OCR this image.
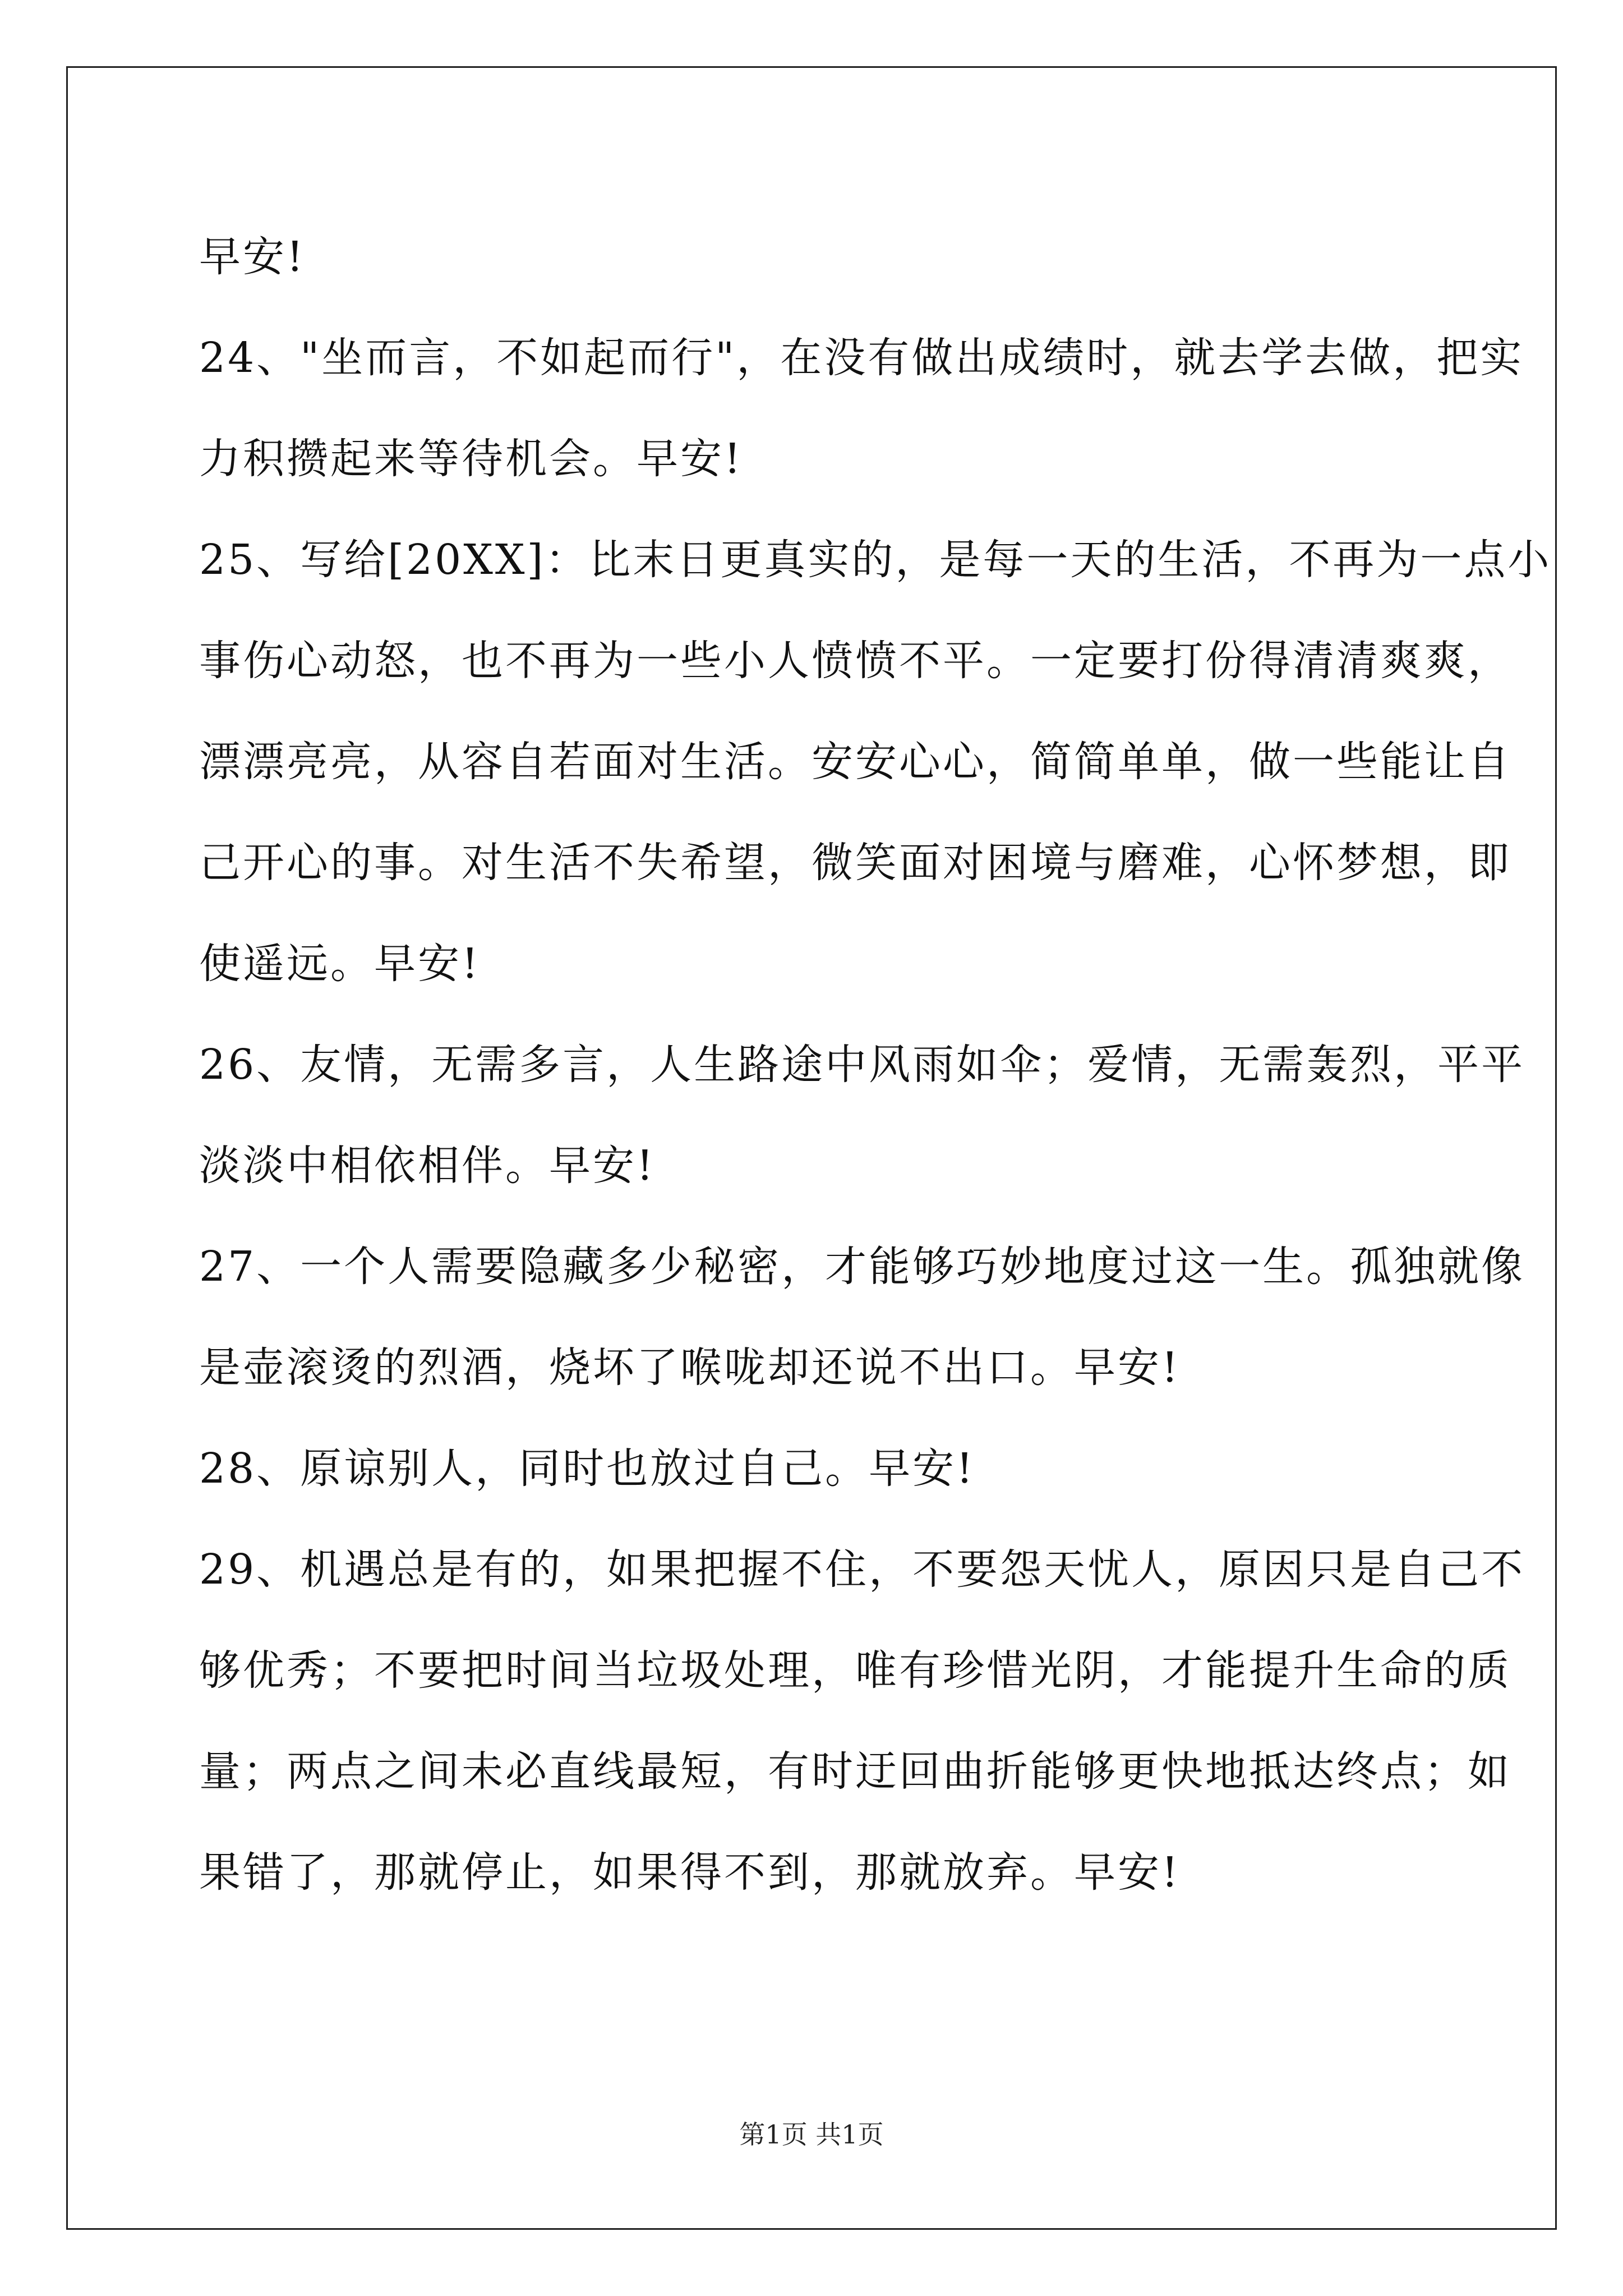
早安!
24、"坐而言，不如起而行"，在没有做出成绩时，就去学去做，把实
力积攒起来等待机会。早安!
25、写给[20XX]：比末日更真实的，是每一天的生活，不再为一点小
事伤心动怒，也不再为一些小人愤愤不平。一定要打份得清清爽爽，
漂漂亮亮，从容自若面对生活。安安心心，简简单单，做一些能让自
己开心的事。对生活不失希望，微笑面对困境与磨难，心怀梦想，即
使遥远。早安!
26、友情，无需多言，人生路途中风雨如伞；爱情，无需轰烈，平平
淡淡中相依相伴。早安!
27、一个人需要隐藏多少秘密，才能够巧妙地度过这一生。孤独就像
是壶滚烫的烈酒，烧坏了喉咙却还说不出口。早安!
28、原谅别人，同时也放过自己。早安!
29、机遇总是有的，如果把握不住，不要怨天忧人，原因只是自己不
够优秀；不要把时间当垃圾处理，唯有珍惜光阴，才能提升生命的质
量；两点之间未必直线最短，有时迂回曲折能够更快地抵达终点；如
果错了，那就停止，如果得不到，那就放弃。早安!
第1页 共1页
